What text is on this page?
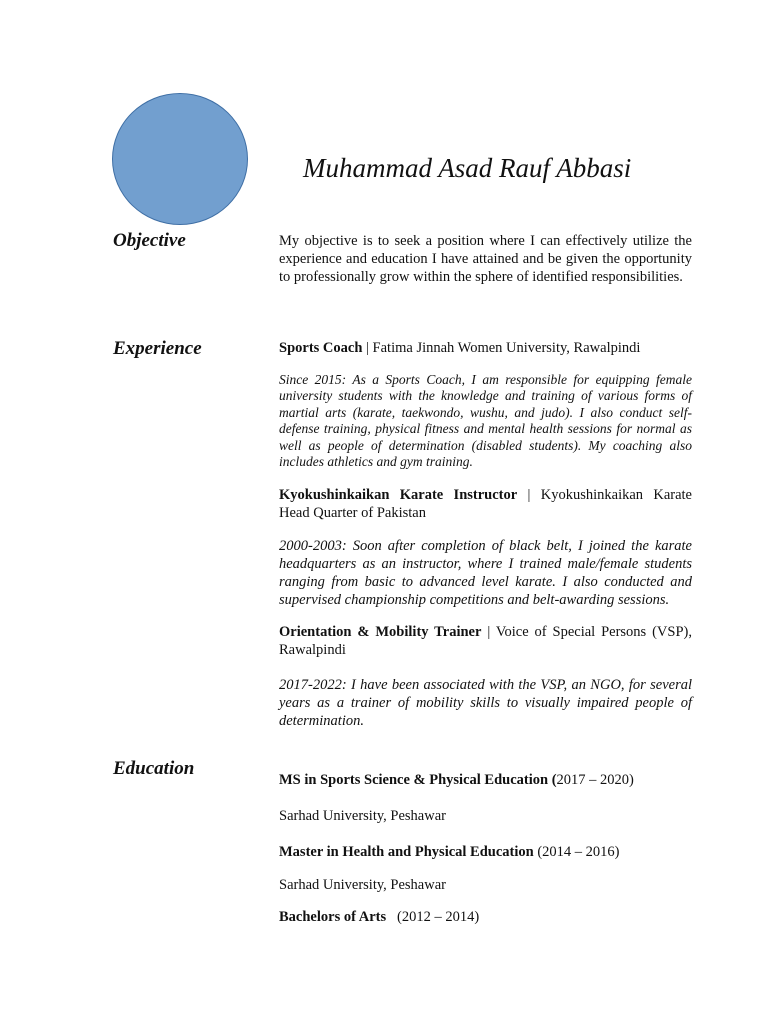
Muhammad Asad Rauf Abbasi
Objective	My objective is to seek a position where I can effectively utilize the experience and education I have attained and be given the opportunity to professionally grow within the sphere of identified responsibilities.

Experience	Sports Coach | Fatima Jinnah Women University, Rawalpindi

Since 2015: As a Sports Coach, I am responsible for equipping female university students with the knowledge and training of various forms of martial arts (karate, taekwondo, wushu, and judo). I also conduct self-defense training, physical fitness and mental health sessions for normal as well as people of determination (disabled students). My coaching also includes athletics and gym training.

Kyokushinkaikan Karate Instructor | Kyokushinkaikan Karate Head Quarter of Pakistan

2000-2003: Soon after completion of black belt, I joined the karate headquarters as an instructor, where I trained male/female students ranging from basic to advanced level karate. I also conducted and supervised championship competitions and belt-awarding sessions.

Orientation & Mobility Trainer | Voice of Special Persons (VSP), Rawalpindi

2017-2022: I have been associated with the VSP, an NGO, for several years as a trainer of mobility skills to visually impaired people of determination.

Education

MS in Sports Science & Physical Education (2017 – 2020)

Sarhad University, Peshawar

Master in Health and Physical Education (2014 – 2016)

Sarhad University, Peshawar

Bachelors of Arts   (2012 – 2014)
